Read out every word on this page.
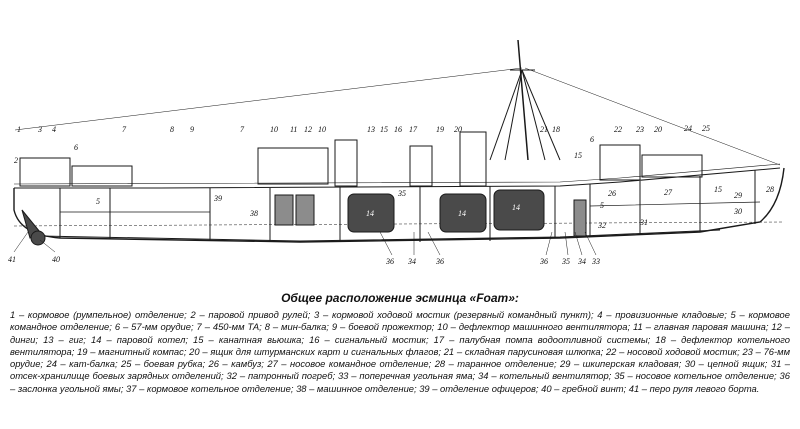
1 3 4	7	8 9	7	10 11 12 10	13 15 16 17 19 20	21 18
15
6
22 23 20	24 25
2
6
5	39
38
35
14	14
14
26	27	15	28
29
30
31
32
5
41	40	36 34	36	36 35 34 33
Общее расположение эсминца «Foam»:
1 – кормовое (румпельное) отделение; 2 – паровой привод рулей; 3 – кормовой ходовой мостик (резервный командный пункт); 4 – провизионные кладовые; 5 – кормовое командное отделение; 6 – 57-мм орудие; 7 – 450-мм ТА; 8 – мин-балка; 9 – боевой прожектор; 10 – дефлектор машинного вентилятора; 11 – главная паровая машина; 12 – динги; 13 – гиг; 14 – паровой котел; 15 – канатная вьюшка; 16 – сигнальный мостик; 17 – палубная помпа водоотливной системы; 18 – дефлектор котельного вентилятора; 19 – магнитный компас; 20 – ящик для штурманских карт и сигнальных флагов; 21 – складная парусиновая шлюпка; 22 – носовой ходовой мостик; 23 – 76-мм орудие; 24 – кат-балка; 25 – боевая рубка; 26 – камбуз; 27 – носовое командное отделение; 28 – таранное отделение; 29 – шкиперская кладовая; 30 – цепной ящик; 31 – отсек-хранилище боевых зарядных отделений; 32 – патронный погреб; 33 – поперечная угольная яма; 34 – котельный вентилятор; 35 – носовое котельное отделение; 36 – заслонка угольной ямы; 37 – кормовое котельное отделение; 38 – машинное отделение; 39 – отделение офицеров; 40 – гребной винт; 41 – перо руля левого борта.
